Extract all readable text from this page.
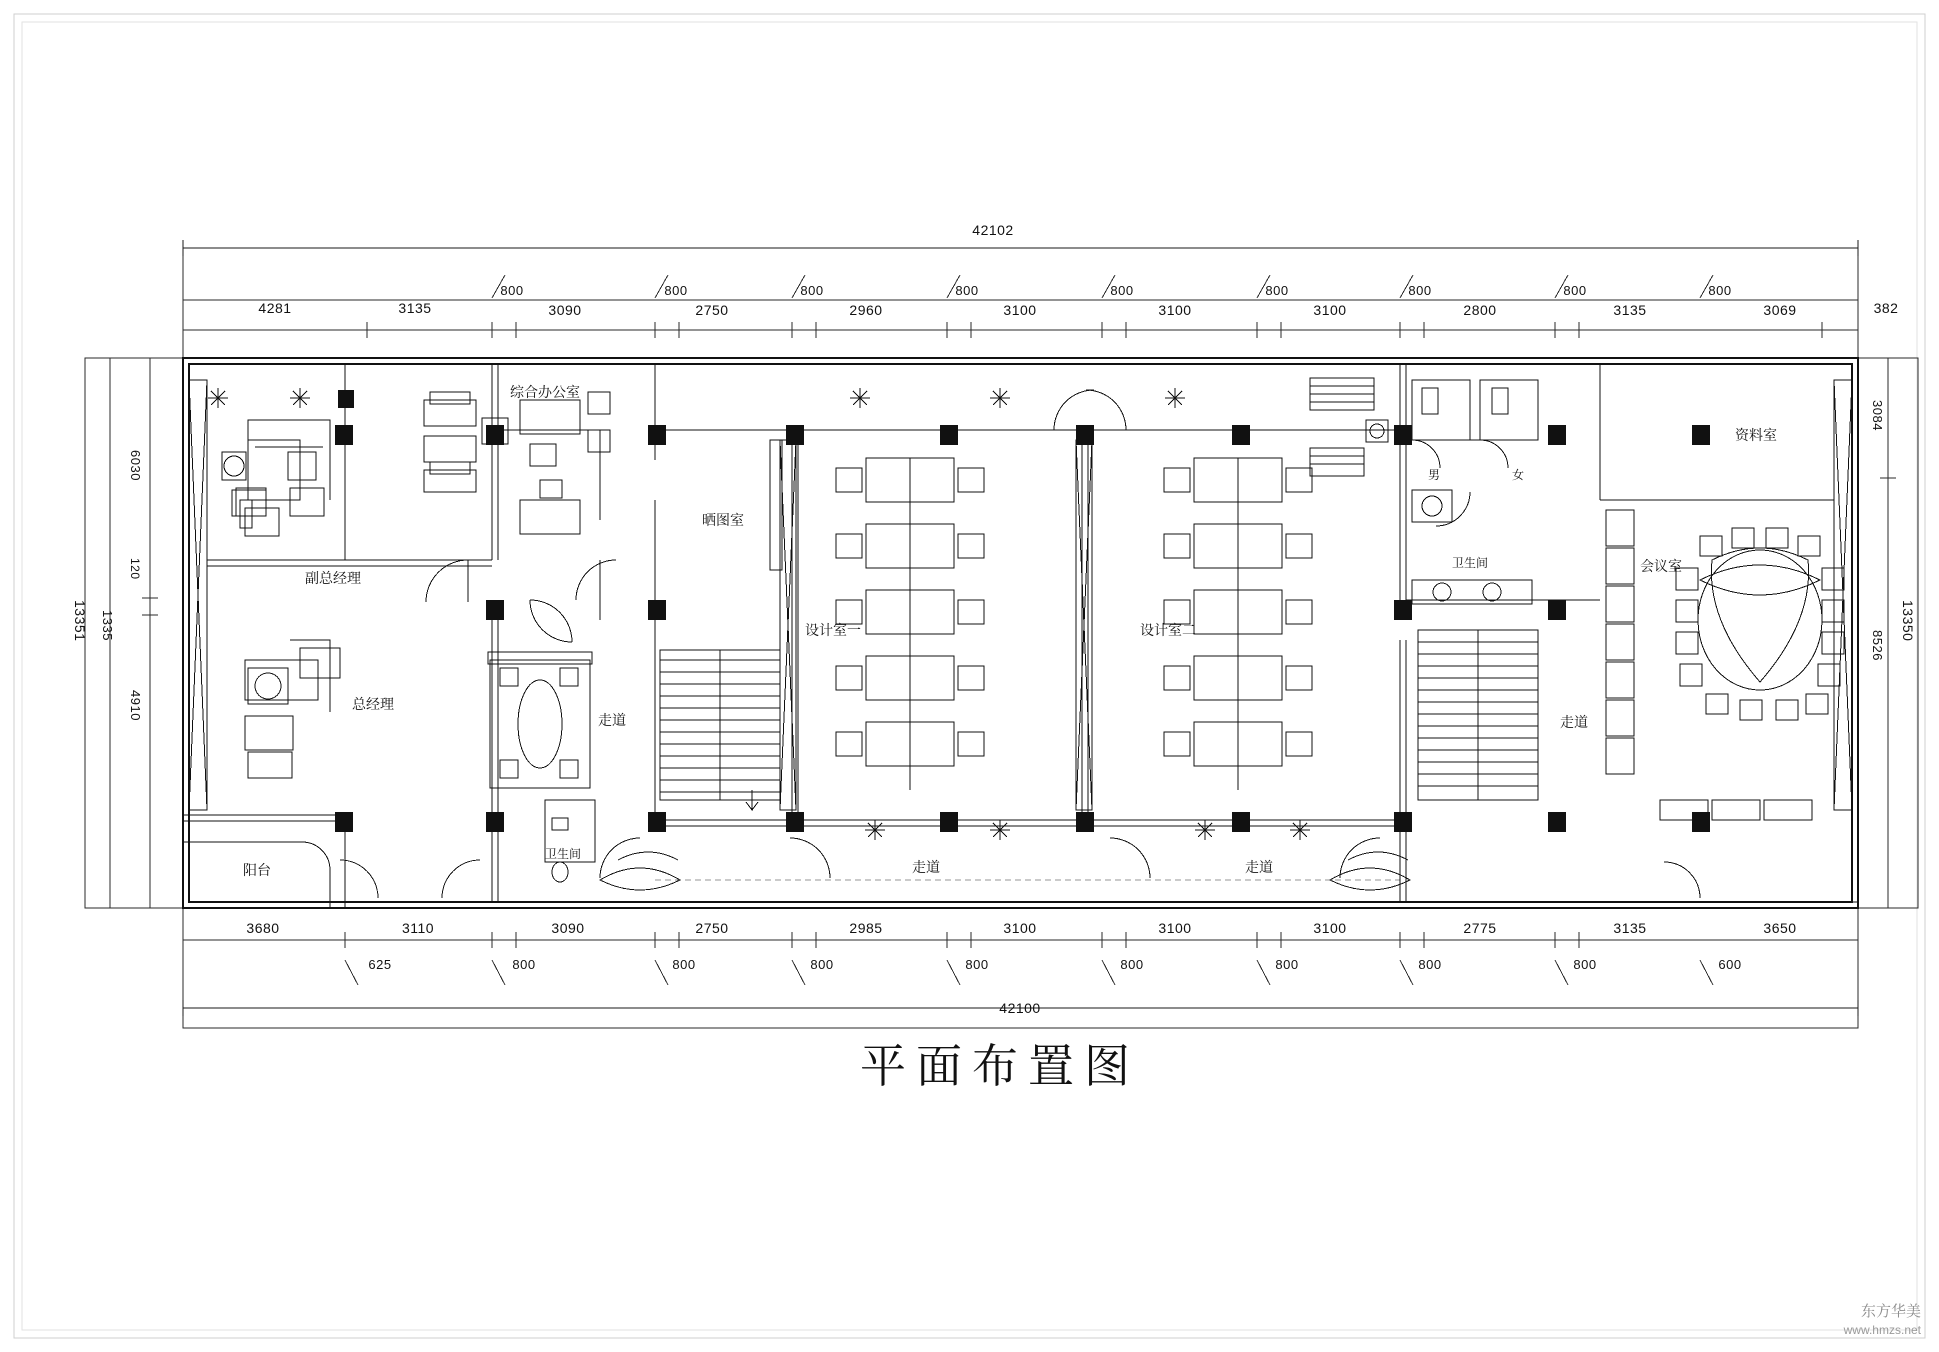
42102
800	800	800	800	800	800	800	800	800
4281	3135	3090	2750	2960	3100	3100	3100	2800	3135	3069	382
13351 1335
120
6030
4910
3084
8526
13350
3680	3110	3090	2750	2985	3100	3100	3100	2775	3135	3650
625	800	800	800	800	800	800	800	800	600
42100
综合办公室
副总经理
总经理
阳台
卫生间
走道
晒图室
设计室一	设计室二
走道	走道
走道
卫生间
男	女
资料室
会议室
平面布置图
东方华美
www.hmzs.net
